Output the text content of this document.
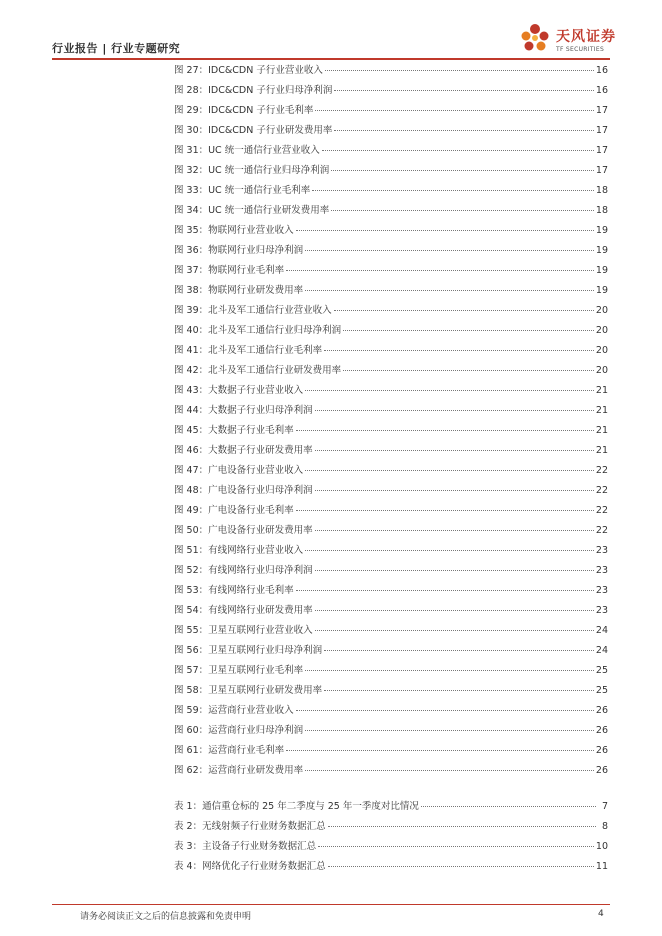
行业报告 | 行业专题研究
天风证券
TF SECURITIES
图 27：IDC&CDN 子行业营业收入	16
图 28：IDC&CDN 子行业归母净利润	16
图 29：IDC&CDN 子行业毛利率	17
图 30：IDC&CDN 子行业研发费用率	17
图 31：UC 统一通信行业营业收入	17
图 32：UC 统一通信行业归母净利润	17
图 33：UC 统一通信行业毛利率	18
图 34：UC 统一通信行业研发费用率	18
图 35：物联网行业营业收入	19
图 36：物联网行业归母净利润	19
图 37：物联网行业毛利率	19
图 38：物联网行业研发费用率	19
图 39：北斗及军工通信行业营业收入	20
图 40：北斗及军工通信行业归母净利润	20
图 41：北斗及军工通信行业毛利率	20
图 42：北斗及军工通信行业研发费用率	20
图 43：大数据子行业营业收入	21
图 44：大数据子行业归母净利润	21
图 45：大数据子行业毛利率	21
图 46：大数据子行业研发费用率	21
图 47：广电设备行业营业收入	22
图 48：广电设备行业归母净利润	22
图 49：广电设备行业毛利率	22
图 50：广电设备行业研发费用率	22
图 51：有线网络行业营业收入	23
图 52：有线网络行业归母净利润	23
图 53：有线网络行业毛利率	23
图 54：有线网络行业研发费用率	23
图 55：卫星互联网行业营业收入	24
图 56：卫星互联网行业归母净利润	24
图 57：卫星互联网行业毛利率	25
图 58：卫星互联网行业研发费用率	25
图 59：运营商行业营业收入	26
图 60：运营商行业归母净利润	26
图 61：运营商行业毛利率	26
图 62：运营商行业研发费用率	26
表 1：通信重仓标的 25 年二季度与 25 年一季度对比情况	7
表 2：无线射频子行业财务数据汇总	8
表 3：主设备子行业财务数据汇总	10
表 4：网络优化子行业财务数据汇总	11
请务必阅读正文之后的信息披露和免责申明	4
